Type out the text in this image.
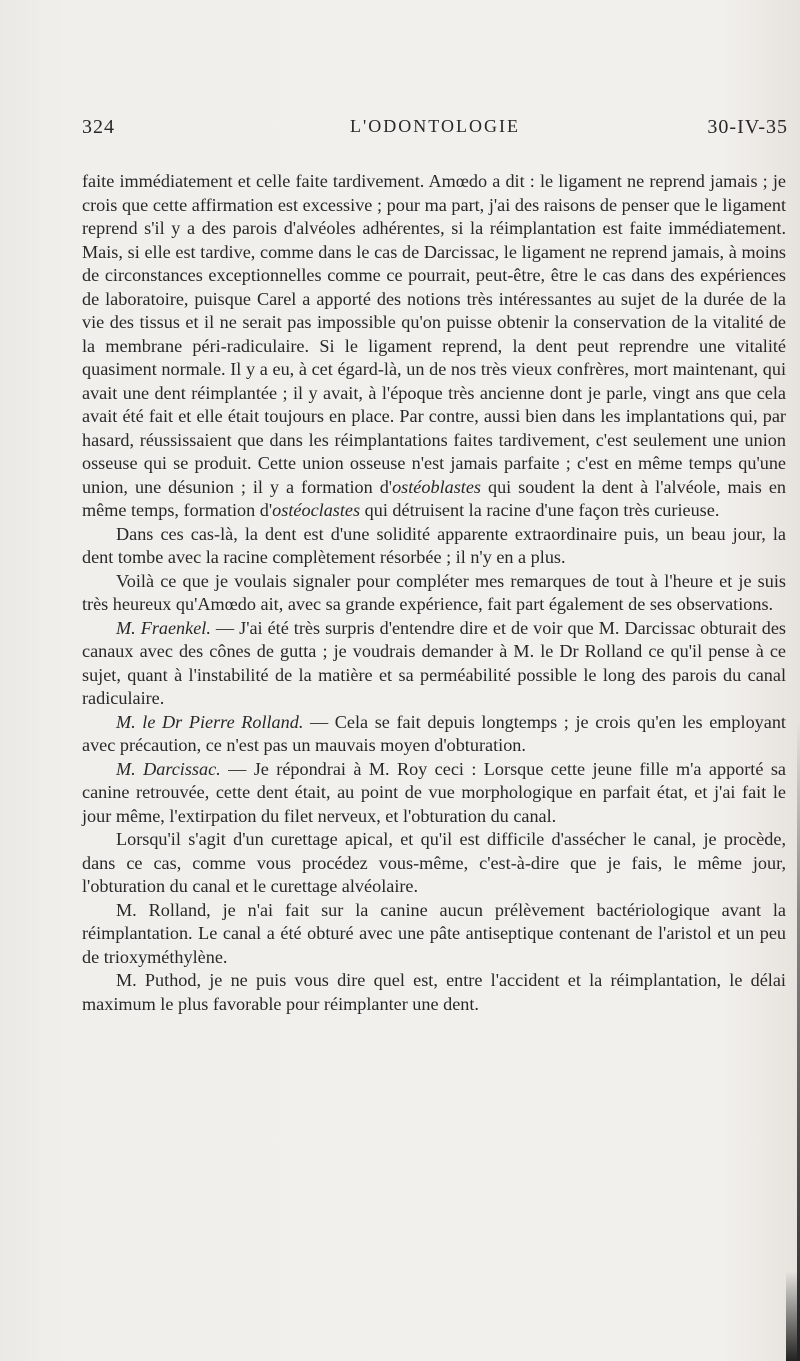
324	L'ODONTOLOGIE	30-IV-35

faite immédiatement et celle faite tardivement. Amœdo a dit : le ligament ne reprend jamais ; je crois que cette affirmation est excessive ; pour ma part, j'ai des raisons de penser que le ligament reprend s'il y a des parois d'alvéoles adhérentes, si la réimplantation est faite immédiatement. Mais, si elle est tardive, comme dans le cas de Darcissac, le ligament ne reprend jamais, à moins de circonstances exceptionnelles comme ce pourrait, peut-être, être le cas dans des expériences de laboratoire, puisque Carel a apporté des notions très intéressantes au sujet de la durée de la vie des tissus et il ne serait pas impossible qu'on puisse obtenir la conservation de la vitalité de la membrane péri-radiculaire. Si le ligament reprend, la dent peut reprendre une vitalité quasiment normale. Il y a eu, à cet égard-là, un de nos très vieux confrères, mort maintenant, qui avait une dent réimplantée ; il y avait, à l'époque très ancienne dont je parle, vingt ans que cela avait été fait et elle était toujours en place. Par contre, aussi bien dans les implantations qui, par hasard, réussissaient que dans les réimplantations faites tardivement, c'est seulement une union osseuse qui se produit. Cette union osseuse n'est jamais parfaite ; c'est en même temps qu'une union, une désunion ; il y a formation d'ostéoblastes qui soudent la dent à l'alvéole, mais en même temps, formation d'ostéoclastes qui détruisent la racine d'une façon très curieuse.

Dans ces cas-là, la dent est d'une solidité apparente extraordinaire puis, un beau jour, la dent tombe avec la racine complètement résorbée ; il n'y en a plus.

Voilà ce que je voulais signaler pour compléter mes remarques de tout à l'heure et je suis très heureux qu'Amœdo ait, avec sa grande expérience, fait part également de ses observations.

M. Fraenkel. — J'ai été très surpris d'entendre dire et de voir que M. Darcissac obturait des canaux avec des cônes de gutta ; je voudrais demander à M. le Dr Rolland ce qu'il pense à ce sujet, quant à l'instabilité de la matière et sa perméabilité possible le long des parois du canal radiculaire.

M. le Dr Pierre Rolland. — Cela se fait depuis longtemps ; je crois qu'en les employant avec précaution, ce n'est pas un mauvais moyen d'obturation.

M. Darcissac. — Je répondrai à M. Roy ceci : Lorsque cette jeune fille m'a apporté sa canine retrouvée, cette dent était, au point de vue morphologique en parfait état, et j'ai fait le jour même, l'extirpation du filet nerveux, et l'obturation du canal.

Lorsqu'il s'agit d'un curettage apical, et qu'il est difficile d'assécher le canal, je procède, dans ce cas, comme vous procédez vous-même, c'est-à-dire que je fais, le même jour, l'obturation du canal et le curettage alvéolaire.

M. Rolland, je n'ai fait sur la canine aucun prélèvement bactériologique avant la réimplantation. Le canal a été obturé avec une pâte antiseptique contenant de l'aristol et un peu de trioxyméthylène.

M. Puthod, je ne puis vous dire quel est, entre l'accident et la réimplantation, le délai maximum le plus favorable pour réimplanter une dent.
